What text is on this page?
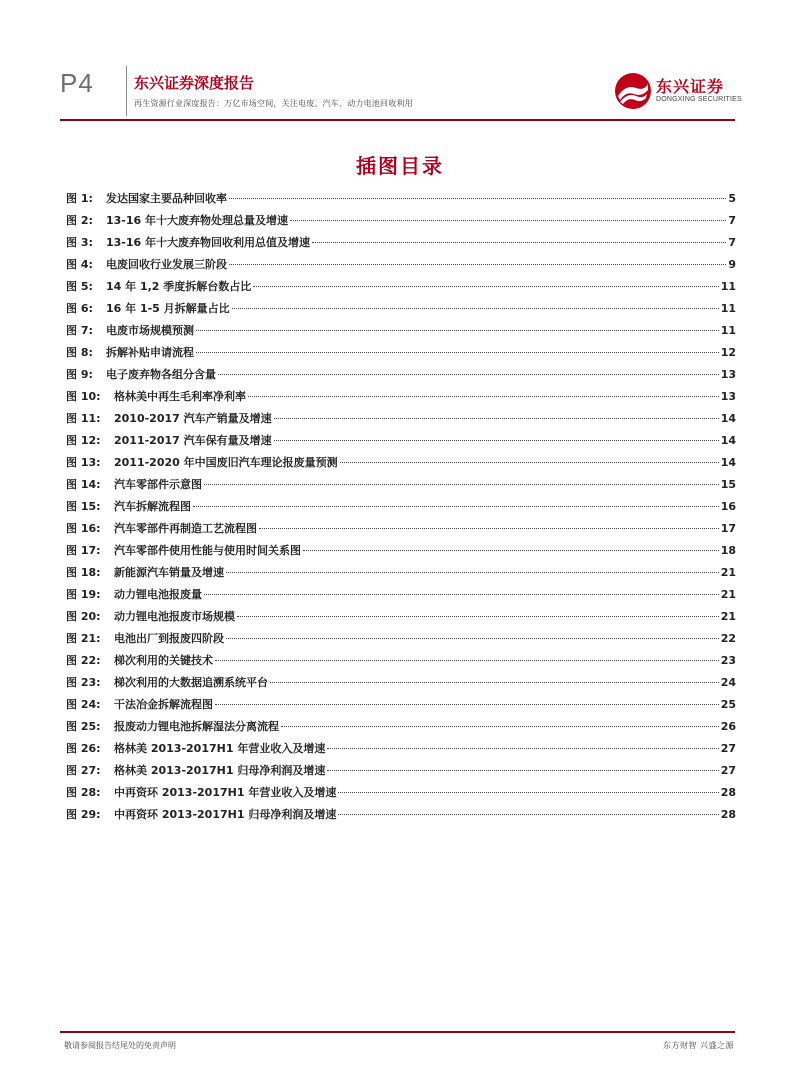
P4	东兴证券深度报告
再生资源行业深度报告：万亿市场空间，关注电废、汽车、动力电池回收利用
东兴证券
DONGXING SECURITIES
插图目录
图 1:	发达国家主要品种回收率	5
图 2:	13-16 年十大废弃物处理总量及增速	7
图 3:	13-16 年十大废弃物回收利用总值及增速	7
图 4:	电废回收行业发展三阶段	9
图 5:	14 年 1,2 季度拆解台数占比	11
图 6:	16 年 1-5 月拆解量占比	11
图 7:	电废市场规模预测	11
图 8:	拆解补贴申请流程	12
图 9:	电子废弃物各组分含量	13
图 10:	格林美中再生毛利率净利率	13
图 11:	2010-2017 汽车产销量及增速	14
图 12:	2011-2017 汽车保有量及增速	14
图 13:	2011-2020 年中国废旧汽车理论报废量预测	14
图 14:	汽车零部件示意图	15
图 15:	汽车拆解流程图	16
图 16:	汽车零部件再制造工艺流程图	17
图 17:	汽车零部件使用性能与使用时间关系图	18
图 18:	新能源汽车销量及增速	21
图 19:	动力锂电池报废量	21
图 20:	动力锂电池报废市场规模	21
图 21:	电池出厂到报废四阶段	22
图 22:	梯次利用的关键技术	23
图 23:	梯次利用的大数据追溯系统平台	24
图 24:	干法冶金拆解流程图	25
图 25:	报废动力锂电池拆解湿法分离流程	26
图 26:	格林美 2013-2017H1 年营业收入及增速	27
图 27:	格林美 2013-2017H1 归母净利润及增速	27
图 28:	中再资环 2013-2017H1 年营业收入及增速	28
图 29:	中再资环 2013-2017H1 归母净利润及增速	28
敬请参阅报告结尾处的免责声明	东方财智 兴盛之源
